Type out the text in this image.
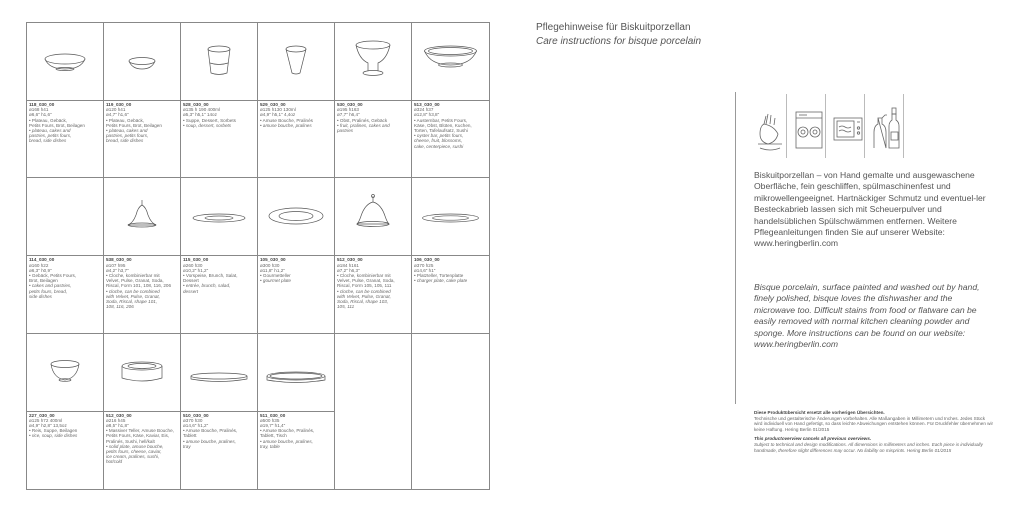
118_030_00
ø168 h41
ø6,6" h1,6"
• Plateau, Gebäck,
Petits Fours, Brot, Beilagen
• plateau, cakes and
pastries, petits fours,
bread, side dishes
119_030_00
ø120 h41
ø4,7" h1,6"
• Plateau, Gebäck,
Petits Fours, Brot, Beilagen
• plateau, cakes and
pastries, petits fours,
bread, side dishes
528_030_00
ø135 h 190 400ml
ø5,3" h5,1" 14oz
• Suppe, Dessert, Sorbets
• soup, dessert, sorbets
529_030_00
ø125 h130 130ml
ø4,9" h5,1" 4,4oz
• Amuse Bouche, Pralinés
• amuse bouche, pralines
530_030_00
ø195 h163
ø7,7" h6,4"
• Obst, Pralinés, Gebäck
• fruit, pralines, cakes and
pastries
513_030_00
ø324 h37
ø12,8" h3,8"
• Austernbar, Petits Fours,
Käse, Obst, Blüten, Kuchen,
Torten, Tafelaufsatz, Sushi
• oyster bar, petits fours,
cheese, fruit, blossoms,
cake, centerpiece, sushi
114_030_00
ø160 h22
ø6,3" h0,9"
• Gebäck, Petits Fours,
Brot, Beilagen
• cakes and pastries,
petits fours, bread,
side dishes
538_030_00
ø107 h95
ø4,2" h3,7"
• Cloche, kombinierbar mit
Velvet, Pulse, Granat, Soda,
Riscal, Form 101, 108, 116, 206
• cloche, can be combined
with Velvet, Pulse, Granat,
Soda, Riscal, shape 101,
108, 116, 206
115_030_00
ø260 h30
ø10,2" h1,2"
• Vorspeise, Brunch, Salat,
Dessert
• entrée, brunch, salad,
dessert
105_030_00
ø300 h30
ø11,8" h1,2"
• Gourmetteller
• gourmet plate
512_030_00
ø184 h161
ø7,2" h6,3"
• Cloche, kombinierbar mit
Velvet, Pulse, Granat, Soda,
Riscal, Form 105, 105, 111
• cloche, can be combined
with Velvet, Pulse, Granat,
Soda, Riscal, shape 103,
105, 111
106_030_00
ø370 h25
ø14,6" h1"
• Platzteller, Tortenplatte
• charger plate, cake plate
227_030_00
ø125 h72 400ml
ø4,9" h2,8" 13,5oz
• Reis, Suppe, Beilagen
• rice, soup, side dishes
512_030_00
ø216 h45
ø8,5" h1,8"
• Massiver Teller, Amuse Bouche,
Petits Fours, Käse, Kaviar, Eis,
Pralinés, Sushi, hell/kalt
• solid plate, amuse bouche,
petits fours, cheese, caviar,
ice cream, pralines, sushi,
hot/cold
510_030_00
ø370 h30
ø14,6" h1,2"
• Amuse Bouche, Pralinés,
Tablett
• amuse bouche, pralines,
tray
511_030_00
ø500 h35
ø19,7" h1,4"
• Amuse Bouche, Pralinés,
Tablett, Tisch
• amuse bouche, pralines,
tray, table
Pflegehinweise für Biskuitporzellan
Care instructions for bisque porcelain
Biskuitporzellan – von Hand gemalte und ausgewaschene Oberfläche, fein geschliffen, spülmaschinenfest und mikrowellengeeignet. Hartnäckiger Schmutz und eventuel-ler Besteckabrieb lassen sich mit Scheuerpulver und handelsüblichen Spülschwämmen entfernen. Weitere Pflegeanleitungen finden Sie auf unserer Website: www.heringberlin.com
Bisque porcelain, surface painted and washed out by hand, finely polished, bisque loves the dishwasher and the microwave too. Difficult stains from food or flatware can be easily removed with normal kitchen cleaning powder and sponge. More instructions can be found on our website: www.heringberlin.com
Diese Produktübersicht ersetzt alle vorherigen Übersichten.
Technische und gestalterische Änderungen vorbehalten. Alle Maßangaben in Millimetern und Inches. Jedes Stück wird individuell von Hand gefertigt, so dass leichte Abweichungen entstehen können. Für Druckfehler übernehmen wir keine Haftung. Hering Berlin 01/2015
This productoverview cancels all previous overviews.
Subject to technical and design modifications. All dimensions in millimeters and inches. Each piece is individually handmade, therefore slight differences may occur. No liability on misprints. Hering Berlin 01/2015
